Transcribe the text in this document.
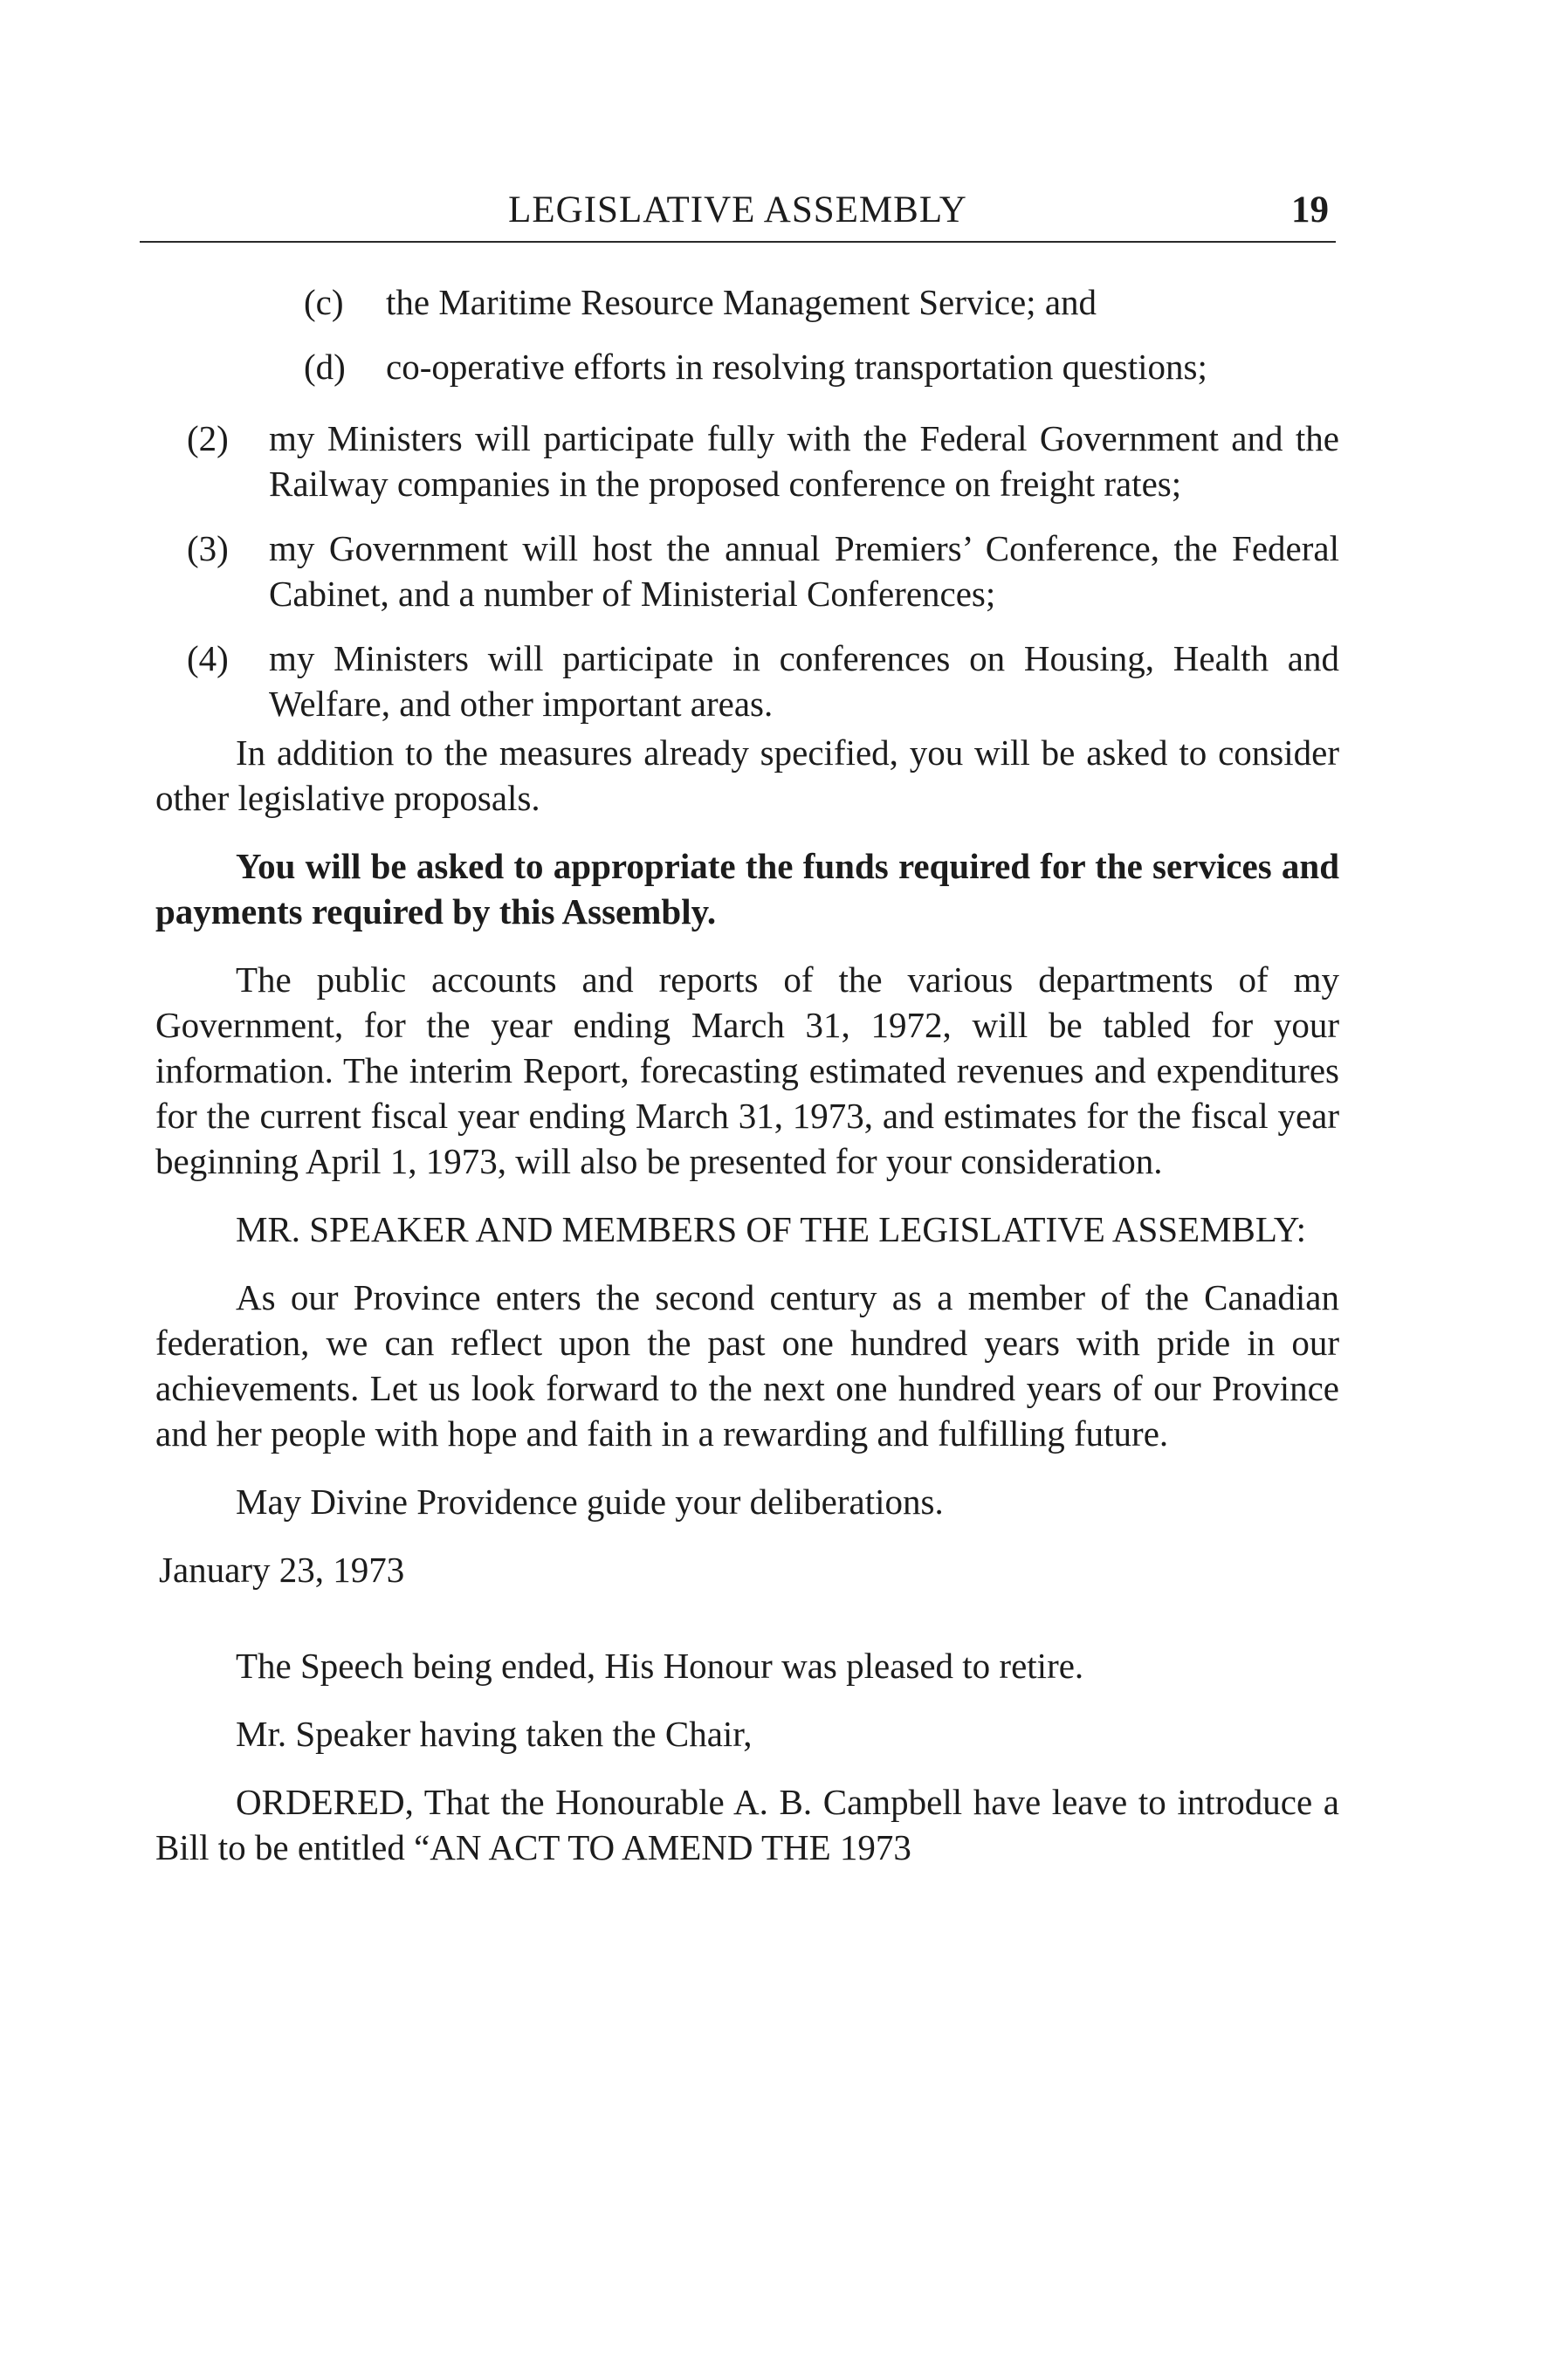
LEGISLATIVE ASSEMBLY	19
(c)	the Maritime Resource Management Service; and
(d)	co-operative efforts in resolving transportation questions;
(2)	my Ministers will participate fully with the Federal Government and the Railway companies in the proposed conference on freight rates;
(3)	my Government will host the annual Premiers’ Conference, the Federal Cabinet, and a number of Ministerial Conferences;
(4)	my Ministers will participate in conferences on Housing, Health and Welfare, and other important areas.

In addition to the measures already specified, you will be asked to consider other legislative proposals.

You will be asked to appropriate the funds required for the services and payments required by this Assembly.

The public accounts and reports of the various departments of my Government, for the year ending March 31, 1972, will be tabled for your information. The interim Report, forecasting estimated revenues and expenditures for the current fiscal year ending March 31, 1973, and estimates for the fiscal year beginning April 1, 1973, will also be presented for your consideration.

MR. SPEAKER AND MEMBERS OF THE LEGISLATIVE ASSEMBLY:

As our Province enters the second century as a member of the Canadian federation, we can reflect upon the past one hundred years with pride in our achievements. Let us look forward to the next one hundred years of our Province and her people with hope and faith in a rewarding and fulfilling future.

May Divine Providence guide your deliberations.

January 23, 1973

The Speech being ended, His Honour was pleased to retire.

Mr. Speaker having taken the Chair,

ORDERED, That the Honourable A. B. Campbell have leave to introduce a Bill to be entitled “AN ACT TO AMEND THE 1973
